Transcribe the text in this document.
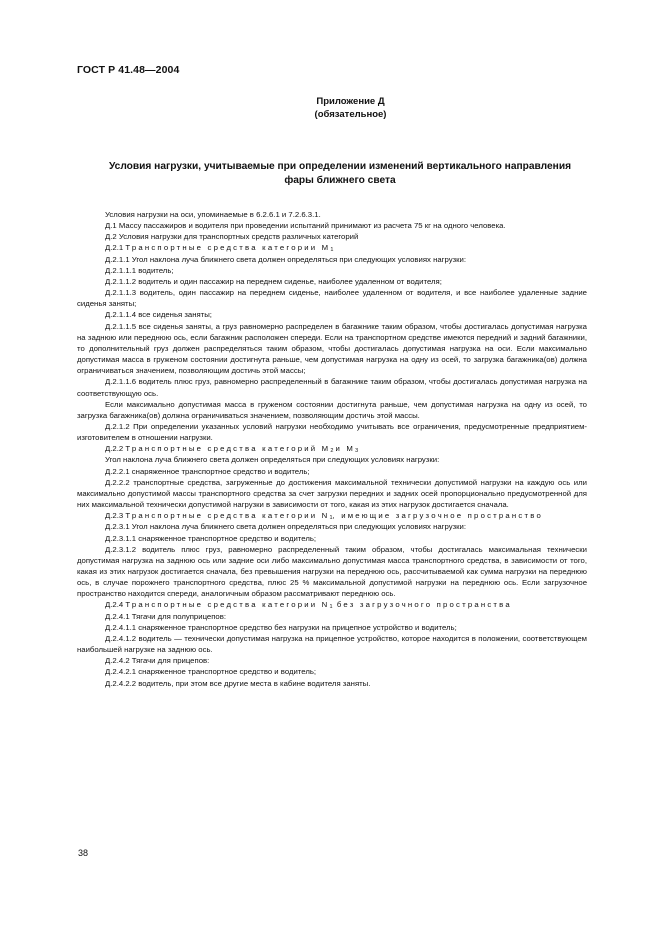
ГОСТ Р 41.48—2004
Приложение Д
(обязательное)
Условия нагрузки, учитываемые при определении изменений вертикального направления
фары ближнего света

Условия нагрузки на оси, упоминаемые в 6.2.6.1 и 7.2.6.3.1.

Д.1 Массу пассажиров и водителя при проведении испытаний принимают из расчета 75 кг на одного человека.

Д.2 Условия нагрузки для транспортных средств различных категорий

Д.2.1 Транспортные средства категории $M_1$

Д.2.1.1 Угол наклона луча ближнего света должен определяться при следующих условиях нагрузки:

Д.2.1.1.1 водитель;

Д.2.1.1.2 водитель и один пассажир на переднем сиденье, наиболее удаленном от водителя;

Д.2.1.1.3 водитель, один пассажир на переднем сиденье, наиболее удаленном от водителя, и все наиболее удаленные задние сиденья заняты;

Д.2.1.1.4 все сиденья заняты;

Д.2.1.1.5 все сиденья заняты, а груз равномерно распределен в багажнике таким образом, чтобы достигалась допустимая нагрузка на заднюю или переднюю ось, если багажник расположен спереди. Если на транспортном средстве имеются передний и задний багажники, то дополнительный груз должен распределяться таким образом, чтобы достигалась допустимая нагрузка на оси. Если максимально допустимая масса в груженом состоянии достигнута раньше, чем допустимая нагрузка на одну из осей, то загрузка багажника(ов) должна ограничиваться значением, позволяющим достичь этой массы;

Д.2.1.1.6 водитель плюс груз, равномерно распределенный в багажнике таким образом, чтобы достигалась допустимая нагрузка на соответствующую ось.

Если максимально допустимая масса в груженом состоянии достигнута раньше, чем допустимая нагрузка на одну из осей, то загрузка багажника(ов) должна ограничиваться значением, позволяющим достичь этой массы.

Д.2.1.2 При определении указанных условий нагрузки необходимо учитывать все ограничения, предусмотренные предприятием-изготовителем в отношении нагрузки.

Д.2.2 Транспортные средства категорий $M_2$ и $M_3$

Угол наклона луча ближнего света должен определяться при следующих условиях нагрузки:

Д.2.2.1 снаряженное транспортное средство и водитель;

Д.2.2.2 транспортные средства, загруженные до достижения максимальной технически допустимой нагрузки на каждую ось или максимально допустимой массы транспортного средства за счет загрузки передних и задних осей пропорционально предусмотренной для них максимальной технически допустимой нагрузки в зависимости от того, какая из этих нагрузок достигается сначала.

Д.2.3 Транспортные средства категории $N_1$, имеющие загрузочное пространство

Д.2.3.1 Угол наклона луча ближнего света должен определяться при следующих условиях нагрузки:

Д.2.3.1.1 снаряженное транспортное средство и водитель;

Д.2.3.1.2 водитель плюс груз, равномерно распределенный таким образом, чтобы достигалась максимальная технически допустимая нагрузка на заднюю ось или задние оси либо максимально допустимая масса транспортного средства, в зависимости от того, какая из этих нагрузок достигается сначала, без превышения нагрузки на переднюю ось, рассчитываемой как сумма нагрузки на переднюю ось, в случае порожнего транспортного средства, плюс 25 % максимальной допустимой нагрузки на переднюю ось. Если загрузочное пространство находится спереди, аналогичным образом рассматривают переднюю ось.

Д.2.4 Транспортные средства категории $N_1$ без загрузочного пространства

Д.2.4.1 Тягачи для полуприцепов:

Д.2.4.1.1 снаряженное транспортное средство без нагрузки на прицепное устройство и водитель;

Д.2.4.1.2 водитель — технически допустимая нагрузка на прицепное устройство, которое находится в положении, соответствующем наибольшей нагрузке на заднюю ось.

Д.2.4.2 Тягачи для прицепов:

Д.2.4.2.1 снаряженное транспортное средство и водитель;

Д.2.4.2.2 водитель, при этом все другие места в кабине водителя заняты.

38
